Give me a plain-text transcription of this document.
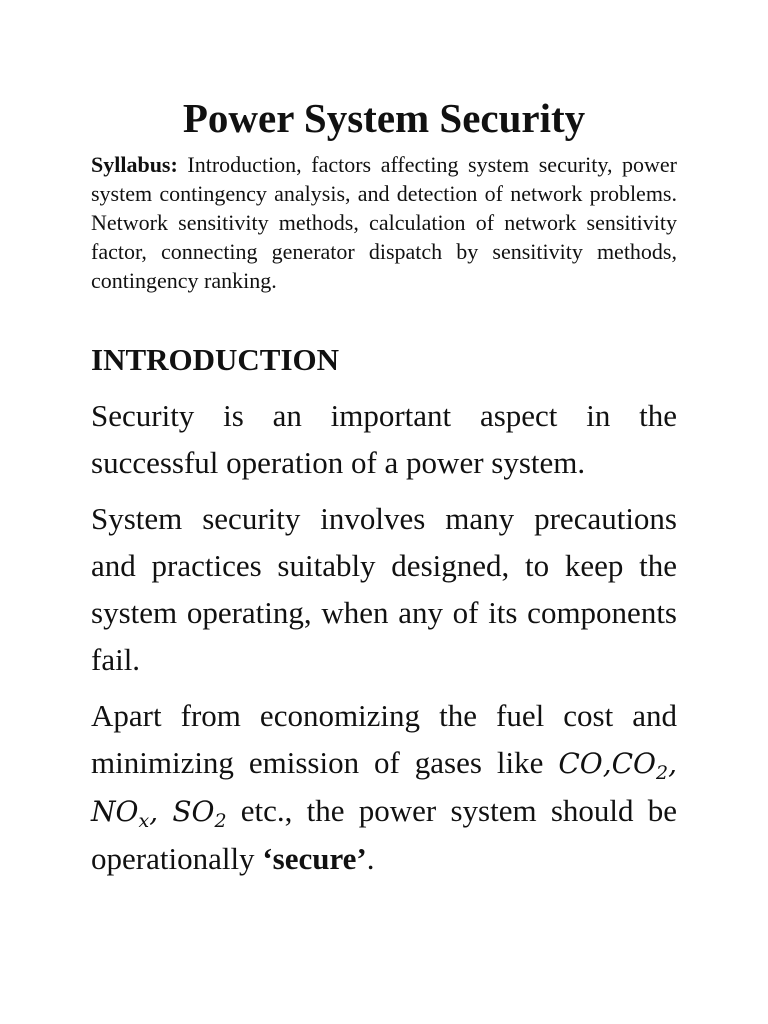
Power System Security

Syllabus: Introduction, factors affecting system security, power system contingency analysis, and detection of network problems. Network sensitivity methods, calculation of network sensitivity factor, connecting generator dispatch by sensitivity methods, contingency ranking.

INTRODUCTION

Security is an important aspect in the successful operation of a power system.

System security involves many precautions and practices suitably designed, to keep the system operating, when any of its components fail.

Apart from economizing the fuel cost and minimizing emission of gases like $CO,CO_2$, $NO_x$, $SO_2$ etc., the power system should be operationally ‘secure’.
